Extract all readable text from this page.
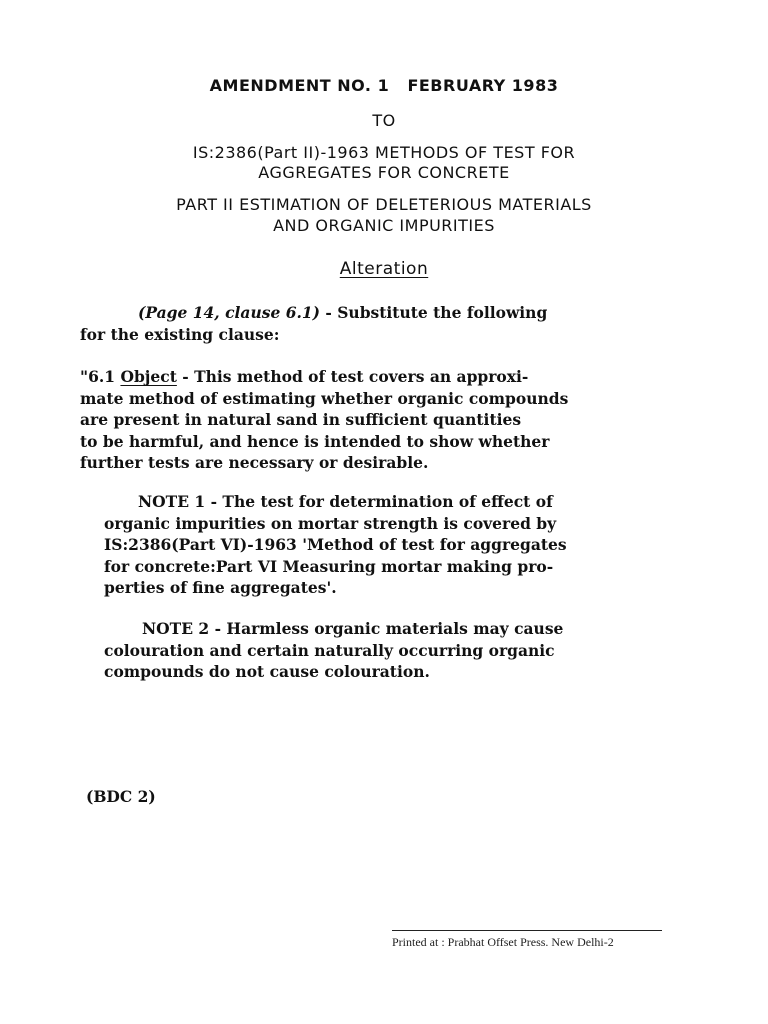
AMENDMENT NO. 1 FEBRUARY 1983
TO
IS:2386(Part II)-1963 METHODS OF TEST FOR
AGGREGATES FOR CONCRETE
PART II ESTIMATION OF DELETERIOUS MATERIALS
AND ORGANIC IMPURITIES
Alteration
(Page 14, clause 6.1) - Substitute the following
for the existing clause:
"6.1 Object - This method of test covers an approxi-
mate method of estimating whether organic compounds
are present in natural sand in sufficient quantities
to be harmful, and hence is intended to show whether
further tests are necessary or desirable.
NOTE 1 - The test for determination of effect of
organic impurities on mortar strength is covered by
IS:2386(Part VI)-1963 'Method of test for aggregates
for concrete:Part VI Measuring mortar making pro-
perties of fine aggregates'.
NOTE 2 - Harmless organic materials may cause
colouration and certain naturally occurring organic
compounds do not cause colouration.
(BDC 2)
Printed at : Prabhat Offset Press. New Delhi-2
